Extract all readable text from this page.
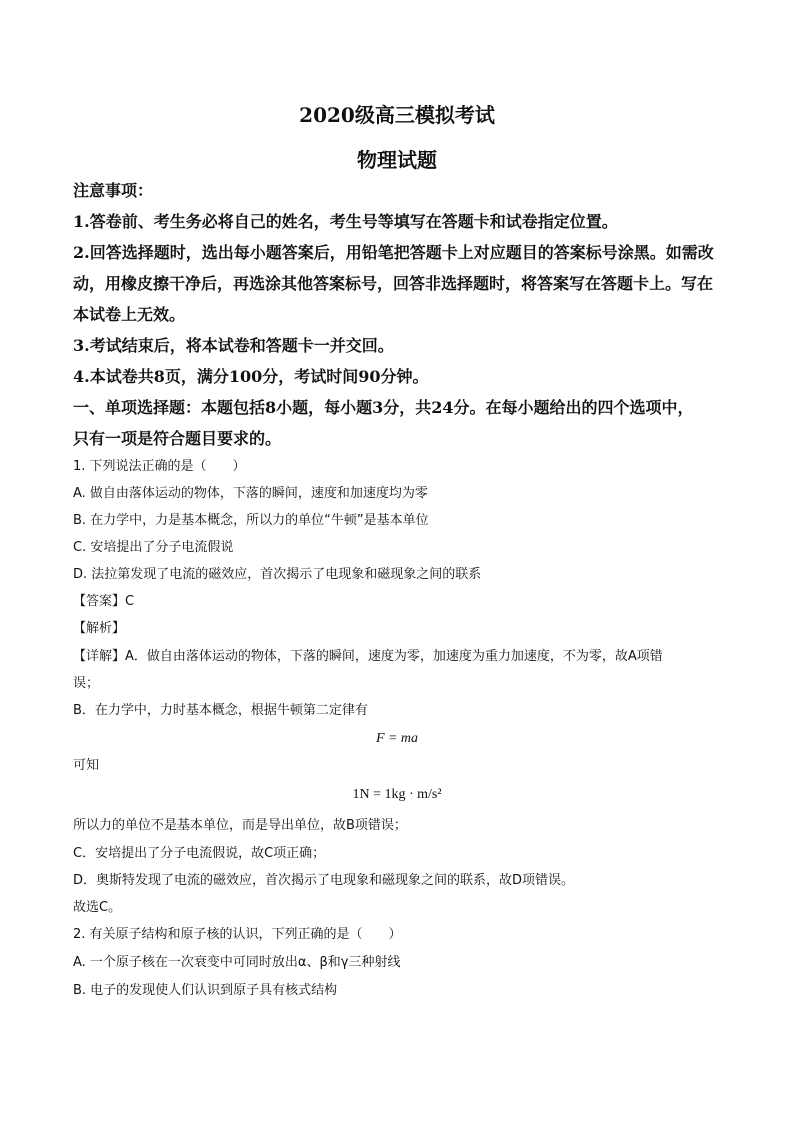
2020级高三模拟考试
物理试题
注意事项：
1.答卷前、考生务必将自己的姓名，考生号等填写在答题卡和试卷指定位置。
2.回答选择题时，选出每小题答案后，用铅笔把答题卡上对应题目的答案标号涂黑。如需改
动，用橡皮擦干净后，再选涂其他答案标号，回答非选择题时，将答案写在答题卡上。写在
本试卷上无效。
3.考试结束后，将本试卷和答题卡一并交回。
4.本试卷共8页，满分100分，考试时间90分钟。
一、单项选择题：本题包括8小题，每小题3分，共24分。在每小题给出的四个选项中，
只有一项是符合题目要求的。
1. 下列说法正确的是（　　）
A. 做自由落体运动的物体，下落的瞬间，速度和加速度均为零
B. 在力学中，力是基本概念，所以力的单位“牛顿”是基本单位
C. 安培提出了分子电流假说
D. 法拉第发现了电流的磁效应，首次揭示了电现象和磁现象之间的联系
【答案】C
【解析】
【详解】A．做自由落体运动的物体，下落的瞬间，速度为零，加速度为重力加速度，不为零，故A项错
误；
B．在力学中，力时基本概念，根据牛顿第二定律有
F = ma
可知
1N = 1kg · m/s²
所以力的单位不是基本单位，而是导出单位，故B项错误；
C．安培提出了分子电流假说，故C项正确；
D．奥斯特发现了电流的磁效应，首次揭示了电现象和磁现象之间的联系，故D项错误。
故选C。
2. 有关原子结构和原子核的认识，下列正确的是（　　）
A. 一个原子核在一次衰变中可同时放出α、β和γ三种射线
B. 电子的发现使人们认识到原子具有核式结构
